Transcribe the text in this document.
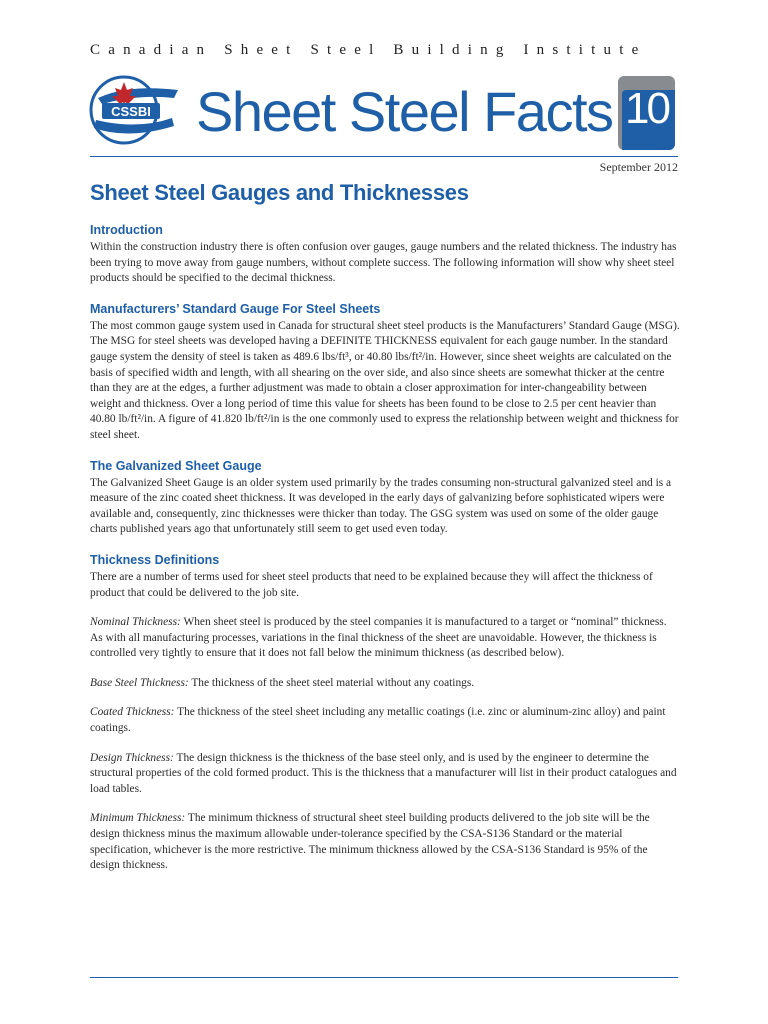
Canadian Sheet Steel Building Institute
CSSBI Sheet Steel Facts 10
September 2012
Sheet Steel Gauges and Thicknesses
Introduction

Within the construction industry there is often confusion over gauges, gauge numbers and the related thickness. The industry has been trying to move away from gauge numbers, without complete success. The following information will show why sheet steel products should be specified to the decimal thickness.

Manufacturers’ Standard Gauge For Steel Sheets

The most common gauge system used in Canada for structural sheet steel products is the Manufacturers’ Standard Gauge (MSG). The MSG for steel sheets was developed having a DEFINITE THICKNESS equivalent for each gauge number. In the standard gauge system the density of steel is taken as 489.6 lbs/ft³, or 40.80 lbs/ft²/in. However, since sheet weights are calculated on the basis of specified width and length, with all shearing on the over side, and also since sheets are somewhat thicker at the centre than they are at the edges, a further adjustment was made to obtain a closer approximation for inter-changeability between weight and thickness. Over a long period of time this value for sheets has been found to be close to 2.5 per cent heavier than 40.80 lb/ft²/in. A figure of 41.820 lb/ft²/in is the one commonly used to express the relationship between weight and thickness for steel sheet.

The Galvanized Sheet Gauge

The Galvanized Sheet Gauge is an older system used primarily by the trades consuming non-structural galvanized steel and is a measure of the zinc coated sheet thickness. It was developed in the early days of galvanizing before sophisticated wipers were available and, consequently, zinc thicknesses were thicker than today. The GSG system was used on some of the older gauge charts published years ago that unfortunately still seem to get used even today.

Thickness Definitions

There are a number of terms used for sheet steel products that need to be explained because they will affect the thickness of product that could be delivered to the job site.

Nominal Thickness: When sheet steel is produced by the steel companies it is manufactured to a target or “nominal” thickness. As with all manufacturing processes, variations in the final thickness of the sheet are unavoidable. However, the thickness is controlled very tightly to ensure that it does not fall below the minimum thickness (as described below).

Base Steel Thickness: The thickness of the sheet steel material without any coatings.

Coated Thickness: The thickness of the steel sheet including any metallic coatings (i.e. zinc or aluminum-zinc alloy) and paint coatings.

Design Thickness: The design thickness is the thickness of the base steel only, and is used by the engineer to determine the structural properties of the cold formed product. This is the thickness that a manufacturer will list in their product catalogues and load tables.

Minimum Thickness: The minimum thickness of structural sheet steel building products delivered to the job site will be the design thickness minus the maximum allowable under-tolerance specified by the CSA-S136 Standard or the material specification, whichever is the more restrictive. The minimum thickness allowed by the CSA-S136 Standard is 95% of the design thickness.
